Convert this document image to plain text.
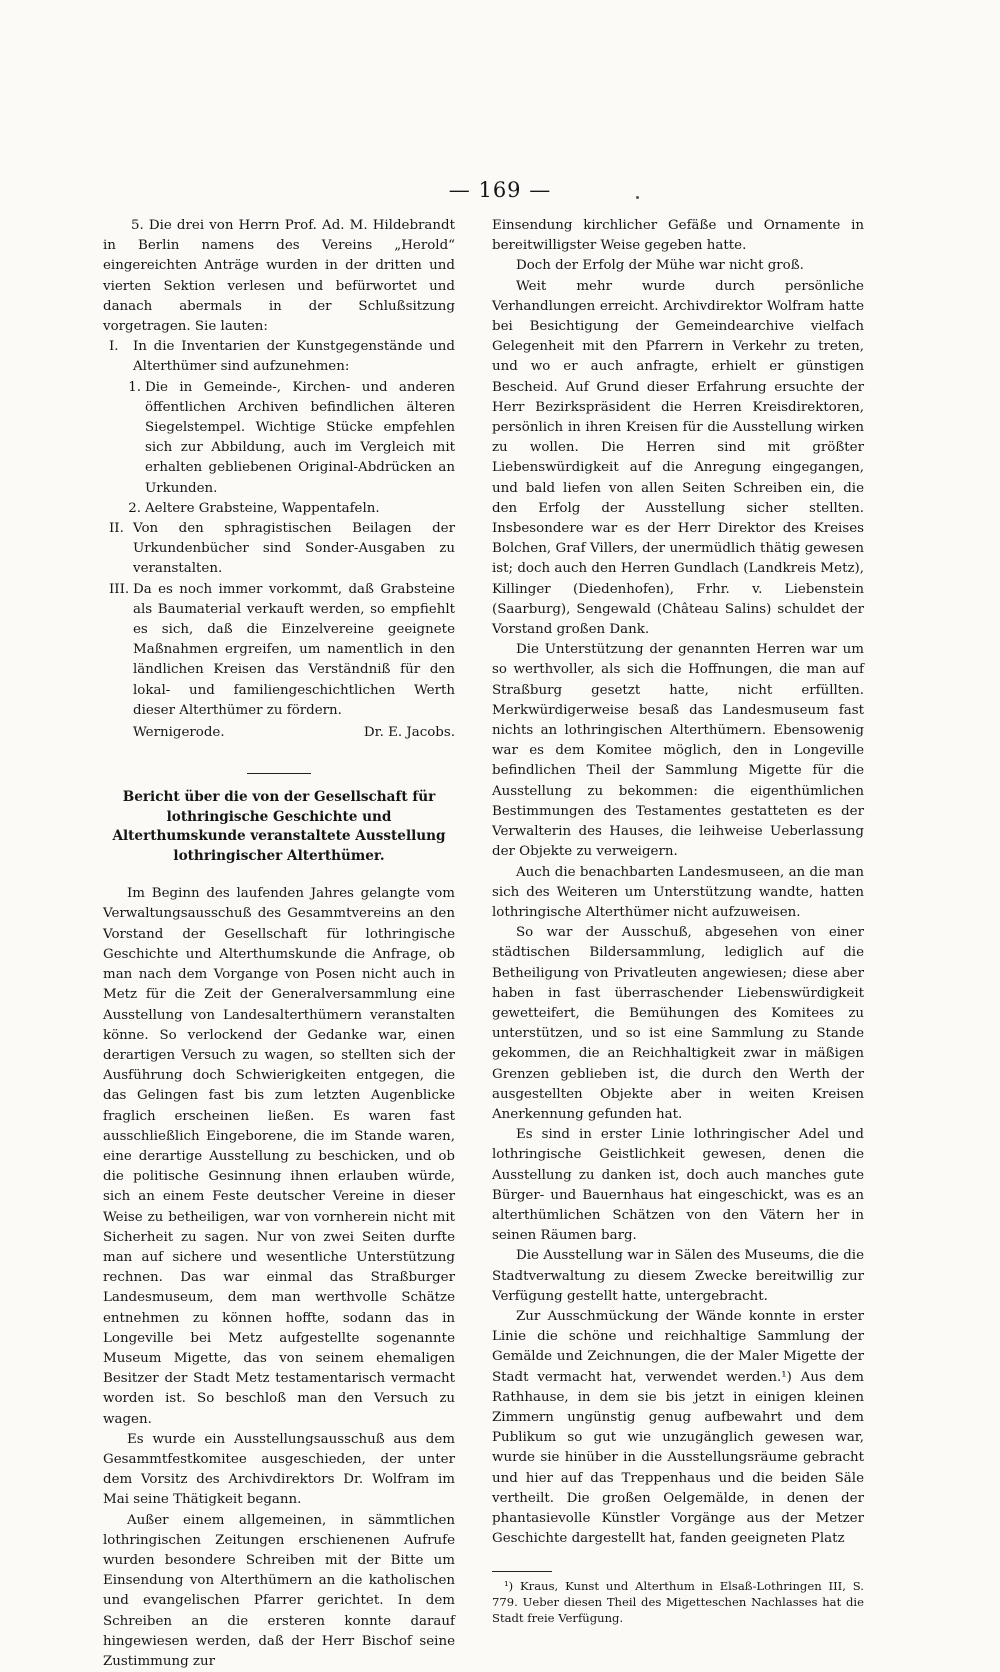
— 169 —

5. Die drei von Herrn Prof. Ad. M. Hildebrandt in Berlin namens des Vereins „Herold“ eingereichten Anträge wurden in der dritten und vierten Sektion verlesen und befürwortet und danach abermals in der Schlußsitzung vorgetragen. Sie lauten:

I. In die Inventarien der Kunstgegenstände und Alterthümer sind aufzunehmen:

1. Die in Gemeinde-, Kirchen- und anderen öffentlichen Archiven befindlichen älteren Siegelstempel. Wichtige Stücke empfehlen sich zur Abbildung, auch im Vergleich mit erhalten gebliebenen Original-Abdrücken an Urkunden.

2. Aeltere Grabsteine, Wappentafeln.

II. Von den sphragistischen Beilagen der Urkundenbücher sind Sonder-Ausgaben zu veranstalten.

III. Da es noch immer vorkommt, daß Grabsteine als Baumaterial verkauft werden, so empfiehlt es sich, daß die Einzelvereine geeignete Maßnahmen ergreifen, um namentlich in den ländlichen Kreisen das Verständniß für den lokal- und familiengeschichtlichen Werth dieser Alterthümer zu fördern.

Wernigerode.	Dr. E. Jacobs.

Bericht über die von der Gesellschaft für lothringische Geschichte und Alterthumskunde veranstaltete Ausstellung lothringischer Alterthümer.

Im Beginn des laufenden Jahres gelangte vom Verwaltungsausschuß des Gesammtvereins an den Vorstand der Gesellschaft für lothringische Geschichte und Alterthumskunde die Anfrage, ob man nach dem Vorgange von Posen nicht auch in Metz für die Zeit der Generalversammlung eine Ausstellung von Landesalterthümern veranstalten könne. So verlockend der Gedanke war, einen derartigen Versuch zu wagen, so stellten sich der Ausführung doch Schwierigkeiten entgegen, die das Gelingen fast bis zum letzten Augenblicke fraglich erscheinen ließen. Es waren fast ausschließlich Eingeborene, die im Stande waren, eine derartige Ausstellung zu beschicken, und ob die politische Gesinnung ihnen erlauben würde, sich an einem Feste deutscher Vereine in dieser Weise zu betheiligen, war von vornherein nicht mit Sicherheit zu sagen. Nur von zwei Seiten durfte man auf sichere und wesentliche Unterstützung rechnen. Das war einmal das Straßburger Landesmuseum, dem man werthvolle Schätze entnehmen zu können hoffte, sodann das in Longeville bei Metz aufgestellte sogenannte Museum Migette, das von seinem ehemaligen Besitzer der Stadt Metz testamentarisch vermacht worden ist. So beschloß man den Versuch zu wagen.

Es wurde ein Ausstellungsausschuß aus dem Gesammtfestkomitee ausgeschieden, der unter dem Vorsitz des Archivdirektors Dr. Wolfram im Mai seine Thätigkeit begann.

Außer einem allgemeinen, in sämmtlichen lothringischen Zeitungen erschienenen Aufrufe wurden besondere Schreiben mit der Bitte um Einsendung von Alterthümern an die katholischen und evangelischen Pfarrer gerichtet. In dem Schreiben an die ersteren konnte darauf hingewiesen werden, daß der Herr Bischof seine Zustimmung zur

Einsendung kirchlicher Gefäße und Ornamente in bereitwilligster Weise gegeben hatte.

Doch der Erfolg der Mühe war nicht groß.

Weit mehr wurde durch persönliche Verhandlungen erreicht. Archivdirektor Wolfram hatte bei Besichtigung der Gemeindearchive vielfach Gelegenheit mit den Pfarrern in Verkehr zu treten, und wo er auch anfragte, erhielt er günstigen Bescheid. Auf Grund dieser Erfahrung ersuchte der Herr Bezirkspräsident die Herren Kreisdirektoren, persönlich in ihren Kreisen für die Ausstellung wirken zu wollen. Die Herren sind mit größter Liebenswürdigkeit auf die Anregung eingegangen, und bald liefen von allen Seiten Schreiben ein, die den Erfolg der Ausstellung sicher stellten. Insbesondere war es der Herr Direktor des Kreises Bolchen, Graf Villers, der unermüdlich thätig gewesen ist; doch auch den Herren Gundlach (Landkreis Metz), Killinger (Diedenhofen), Frhr. v. Liebenstein (Saarburg), Sengewald (Château Salins) schuldet der Vorstand großen Dank.

Die Unterstützung der genannten Herren war um so werthvoller, als sich die Hoffnungen, die man auf Straßburg gesetzt hatte, nicht erfüllten. Merkwürdigerweise besaß das Landesmuseum fast nichts an lothringischen Alterthümern. Ebensowenig war es dem Komitee möglich, den in Longeville befindlichen Theil der Sammlung Migette für die Ausstellung zu bekommen: die eigenthümlichen Bestimmungen des Testamentes gestatteten es der Verwalterin des Hauses, die leihweise Ueberlassung der Objekte zu verweigern.

Auch die benachbarten Landesmuseen, an die man sich des Weiteren um Unterstützung wandte, hatten lothringische Alterthümer nicht aufzuweisen.

So war der Ausschuß, abgesehen von einer städtischen Bildersammlung, lediglich auf die Betheiligung von Privatleuten angewiesen; diese aber haben in fast überraschender Liebenswürdigkeit gewetteifert, die Bemühungen des Komitees zu unterstützen, und so ist eine Sammlung zu Stande gekommen, die an Reichhaltigkeit zwar in mäßigen Grenzen geblieben ist, die durch den Werth der ausgestellten Objekte aber in weiten Kreisen Anerkennung gefunden hat.

Es sind in erster Linie lothringischer Adel und lothringische Geistlichkeit gewesen, denen die Ausstellung zu danken ist, doch auch manches gute Bürger- und Bauernhaus hat eingeschickt, was es an alterthümlichen Schätzen von den Vätern her in seinen Räumen barg.

Die Ausstellung war in Sälen des Museums, die die Stadtverwaltung zu diesem Zwecke bereitwillig zur Verfügung gestellt hatte, untergebracht.

Zur Ausschmückung der Wände konnte in erster Linie die schöne und reichhaltige Sammlung der Gemälde und Zeichnungen, die der Maler Migette der Stadt vermacht hat, verwendet werden.¹) Aus dem Rathhause, in dem sie bis jetzt in einigen kleinen Zimmern ungünstig genug aufbewahrt und dem Publikum so gut wie unzugänglich gewesen war, wurde sie hinüber in die Ausstellungsräume gebracht und hier auf das Treppenhaus und die beiden Säle vertheilt. Die großen Oelgemälde, in denen der phantasievolle Künstler Vorgänge aus der Metzer Geschichte dargestellt hat, fanden geeigneten Platz

¹) Kraus, Kunst und Alterthum in Elsaß-Lothringen III, S. 779. Ueber diesen Theil des Migetteschen Nachlasses hat die Stadt freie Verfügung.
